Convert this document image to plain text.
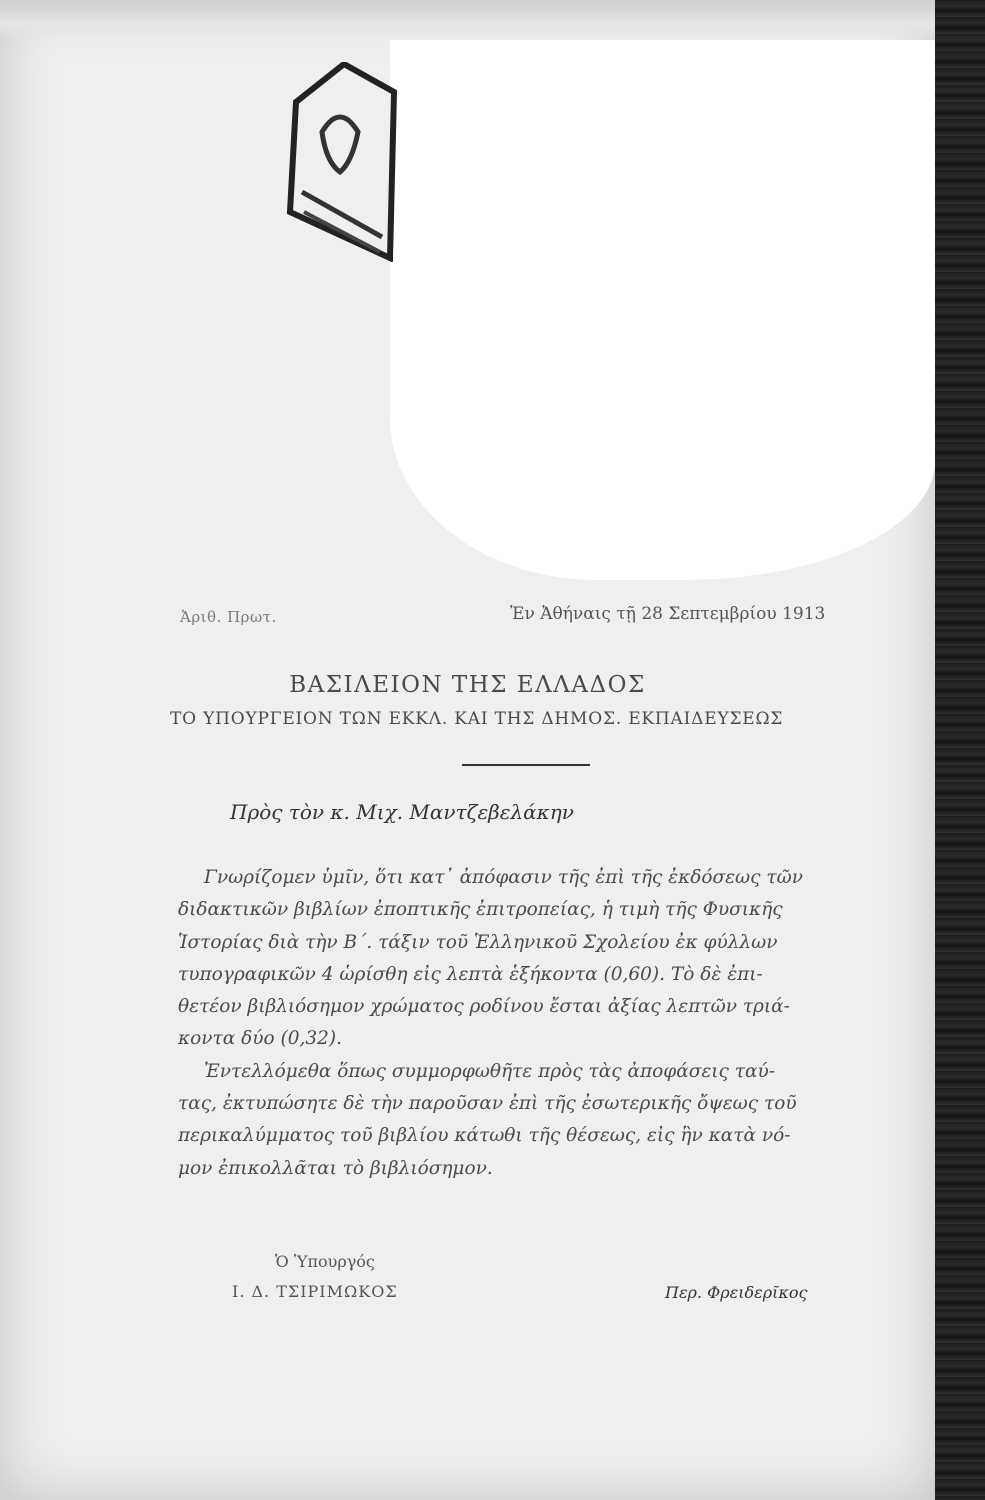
Ἀριθ. Πρωτ.	Ἐν Ἀθήναις τῇ 28 Σεπτεμβρίου 1913
ΒΑΣΙΛΕΙΟΝ ΤΗΣ ΕΛΛΑΔΟΣ
ΤΟ ΥΠΟΥΡΓΕΙΟΝ ΤΩΝ ΕΚΚΛ. ΚΑΙ ΤΗΣ ΔΗΜΟΣ. ΕΚΠΑΙΔΕΥΣΕΩΣ
Πρὸς τὸν κ. Μιχ. Μαντζεβελάκην

Γνωρίζομεν ὑμῖν, ὅτι κατ᾽ ἀπόφασιν τῆς ἐπὶ τῆς ἐκδόσεως τῶν
διδακτικῶν βιβλίων ἐποπτικῆς ἐπιτροπείας, ἡ τιμὴ τῆς Φυσικῆς
Ἱστορίας διὰ τὴν Β΄. τάξιν τοῦ Ἑλληνικοῦ Σχολείου ἐκ φύλλων
τυπογραφικῶν 4 ὡρίσθη εἰς λεπτὰ ἑξήκοντα (0,60). Τὸ δὲ ἐπι-
θετέον βιβλιόσημον χρώματος ροδίνου ἔσται ἀξίας λεπτῶν τριά-
κοντα δύο (0,32).

Ἐντελλόμεθα ὅπως συμμορφωθῆτε πρὸς τὰς ἀποφάσεις ταύ-
τας, ἐκτυπώσητε δὲ τὴν παροῦσαν ἐπὶ τῆς ἐσωτερικῆς ὄψεως τοῦ
περικαλύμματος τοῦ βιβλίου κάτωθι τῆς θέσεως, εἰς ἣν κατὰ νό-
μον ἐπικολλᾶται τὸ βιβλιόσημον.

Ὁ Ὑπουργός
Ι. Δ. ΤΣΙΡΙΜΩΚΟΣ	Περ. Φρειδερῖκος
